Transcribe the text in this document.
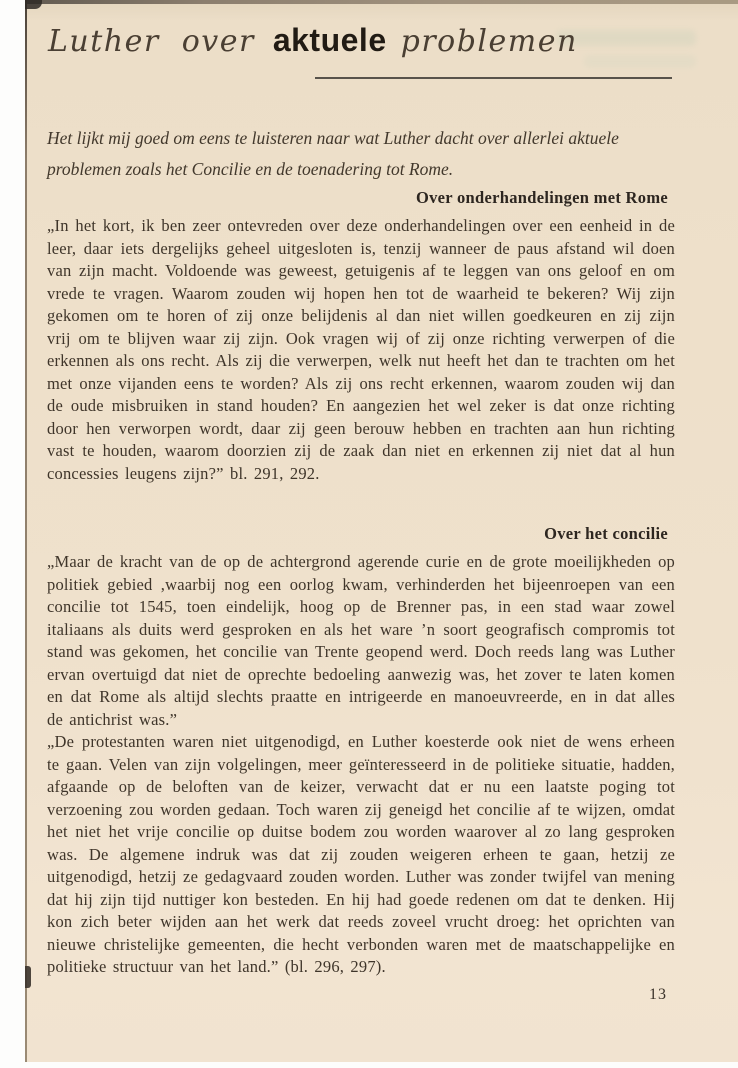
Luther over aktuele problemen
Het lijkt mij goed om eens te luisteren naar wat Luther dacht over allerlei aktuele
problemen zoals het Concilie en de toenadering tot Rome.
Over onderhandelingen met Rome

„In het kort, ik ben zeer ontevreden over deze onderhandelingen over een eenheid in de leer, daar iets dergelijks geheel uitgesloten is, tenzij wanneer de paus afstand wil doen van zijn macht. Voldoende was geweest, getuigenis af te leggen van ons geloof en om vrede te vragen. Waarom zouden wij hopen hen tot de waarheid te bekeren? Wij zijn gekomen om te horen of zij onze belijdenis al dan niet willen goedkeuren en zij zijn vrij om te blijven waar zij zijn. Ook vragen wij of zij onze richting verwerpen of die erkennen als ons recht. Als zij die verwerpen, welk nut heeft het dan te trachten om het met onze vijanden eens te worden? Als zij ons recht erkennen, waarom zouden wij dan de oude misbruiken in stand houden? En aangezien het wel zeker is dat onze richting door hen verworpen wordt, daar zij geen berouw hebben en trachten aan hun richting vast te houden, waarom doorzien zij de zaak dan niet en erkennen zij niet dat al hun concessies leugens zijn?” bl. 291, 292.

Over het concilie

„Maar de kracht van de op de achtergrond agerende curie en de grote moeilijkheden op politiek gebied ,waarbij nog een oorlog kwam, verhinderden het bijeenroepen van een concilie tot 1545, toen eindelijk, hoog op de Brenner pas, in een stad waar zowel italiaans als duits werd gesproken en als het ware ’n soort geografisch compromis tot stand was gekomen, het concilie van Trente geopend werd. Doch reeds lang was Luther ervan overtuigd dat niet de oprechte bedoeling aanwezig was, het zover te laten komen en dat Rome als altijd slechts praatte en intrigeerde en manoeuvreerde, en in dat alles de antichrist was.”

„De protestanten waren niet uitgenodigd, en Luther koesterde ook niet de wens erheen te gaan. Velen van zijn volgelingen, meer geïnteresseerd in de politieke situatie, hadden, afgaande op de beloften van de keizer, verwacht dat er nu een laatste poging tot verzoening zou worden gedaan. Toch waren zij geneigd het concilie af te wijzen, omdat het niet het vrije concilie op duitse bodem zou worden waarover al zo lang gesproken was. De algemene indruk was dat zij zouden weigeren erheen te gaan, hetzij ze uitgenodigd, hetzij ze gedagvaard zouden worden. Luther was zonder twijfel van mening dat hij zijn tijd nuttiger kon besteden. En hij had goede redenen om dat te denken. Hij kon zich beter wijden aan het werk dat reeds zoveel vrucht droeg: het oprichten van nieuwe christelijke gemeenten, die hecht verbonden waren met de maatschappelijke en politieke structuur van het land.” (bl. 296, 297).

13
